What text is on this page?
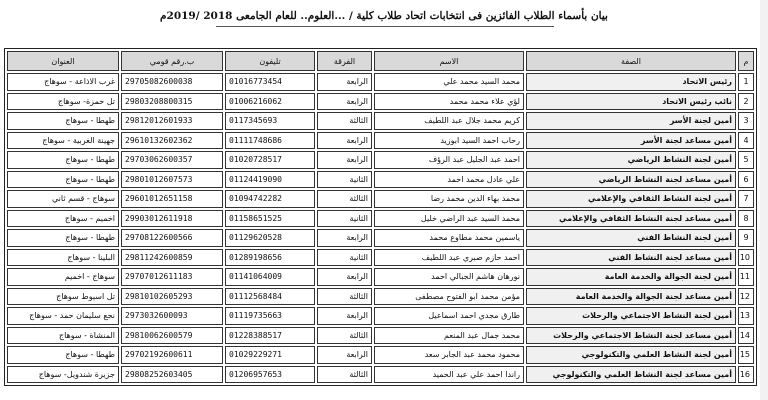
بيان بأسماء الطلاب الفائزين فى انتخابات اتحاد طلاب كلية / ...العلوم.. للعام الجامعى 2018 /2019م
م	الصفة	الاسم	الفرقة	تليفون	ب.رقم قومي	العنوان
1	رئيس الاتحاد	محمد السيد محمد علي	الرابعة	01016773454	29705082600038	غرب الاذاعة - سوهاج
2	نائب رئيس الاتحاد	لؤي علاء محمد محمد	الرابعة	01006216062	29803208800315	تل حمزة- سوهاج
3	أمين لجنة الأسر	كريم محمد جلال عبد اللطيف	الثالثة	0117345693	29812012601933	طهطا - سوهاج
4	أمين مساعد لجنة الأسر	رحاب احمد السيد ابوزيد	الرابعة	01111748686	29610132602362	جهينة الغربية - سوهاج
5	أمين لجنة النشاط الرياضي	احمد عبد الجليل عبد الرؤف	الرابعة	01020728517	29703062600357	طهطا - سوهاج
6	أمين مساعد لجنة النشاط الرياضي	علي عادل محمد احمد	الثانية	01124419090	29801012607573	طهطا - سوهاج
7	أمين لجنة النشاط الثقافي والإعلامي	محمد بهاء الدين محمد رضا	الثالثة	01094742282	29601012651158	سوهاج - قسم ثاني
8	أمين مساعد لجنة النشاط الثقافي والإعلامي	محمد السيد عبد الراضي خليل	الثانية	01158651525	29903012611918	اخميم - سوهاج
9	أمين لجنة النشاط الفني	ياسمين محمد مطاوع محمد	الرابعة	01129620528	29708122600566	طهطا - سوهاج
10	أمين مساعد لجنة النشاط الفني	احمد حازم صبري عبد اللطيف	الثانية	01289198656	29811242600859	البلينا - سوهاج
11	أمين لجنة الجوالة والخدمة العامة	نورهان هاشم الجبالي احمد	الرابعة	01141064009	29707012611183	سوهاج - اخميم
12	أمين مساعد لجنة الجوالة والخدمة العامة	مؤمن محمد ابو الفتوح مصطفى	الثالثة	01112568484	29810102605293	تل اسيوط سوهاج
13	أمين لجنة النشاط الاجتماعي والرحلات	طارق مجدي احمد اسماعيل	الرابعة	01119735663	2973032600093	نجع سليمان حمد - سوهاج
14	أمين مساعد لجنة النشاط الاجتماعي والرحلات	محمد جمال عبد المنعم	الثالثة	01228388517	29810062600579	المنشاة - سوهاج
15	أمين لجنة النشاط العلمي والتكنولوجي	محمود محمد عبد الجابر سعد	الرابعة	01029229271	29702192600611	طهطا - سوهاج
16	أمين مساعد لجنة النشاط العلمي والتكنولوجي	راندا احمد علي عبد الحميد	الثالثة	01206957653	29808252603405	جزيرة شندويل- سوهاج
